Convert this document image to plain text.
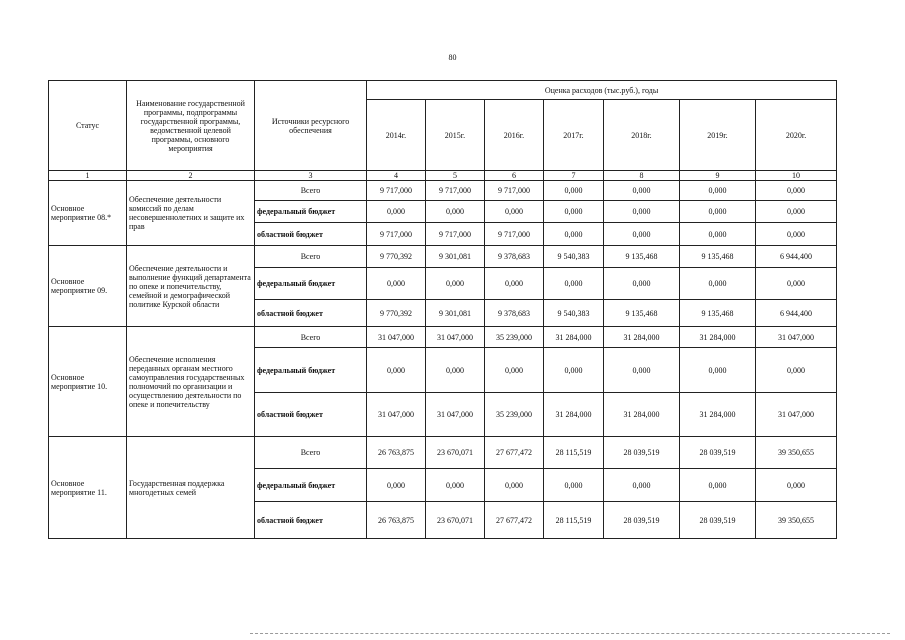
80
Статус	Наименование государственной программы, подпрограммы государственной программы, ведомственной целевой программы, основного мероприятия	Источники ресурсного обеспечения	Оценка расходов (тыс.руб.), годы						
			2014г.	2015г.	2016г.	2017г.	2018г.	2019г.	2020г.
1	2	3	4	5	6	7	8	9	10
Основное мероприятие 08.*	Обеспечение деятельности комиссий по делам несовершеннолетних и защите их прав	Всего	9 717,000	9 717,000	9 717,000	0,000	0,000	0,000	0,000
		федеральный бюджет	0,000	0,000	0,000	0,000	0,000	0,000	0,000
		областной бюджет	9 717,000	9 717,000	9 717,000	0,000	0,000	0,000	0,000
Основное мероприятие 09.	Обеспечение деятельности и выполнение функций департамента по опеке и попечительству, семейной и демографической политике Курской области	Всего	9 770,392	9 301,081	9 378,683	9 540,383	9 135,468	9 135,468	6 944,400
		федеральный бюджет	0,000	0,000	0,000	0,000	0,000	0,000	0,000
		областной бюджет	9 770,392	9 301,081	9 378,683	9 540,383	9 135,468	9 135,468	6 944,400
Основное мероприятие 10.	Обеспечение исполнения переданных органам местного самоуправления государственных полномочий по организации и осуществлению деятельности по опеке и попечительству	Всего	31 047,000	31 047,000	35 239,000	31 284,000	31 284,000	31 284,000	31 047,000
		федеральный бюджет	0,000	0,000	0,000	0,000	0,000	0,000	0,000
		областной бюджет	31 047,000	31 047,000	35 239,000	31 284,000	31 284,000	31 284,000	31 047,000
Основное мероприятие 11.	Государственная поддержка многодетных семей	Всего	26 763,875	23 670,071	27 677,472	28 115,519	28 039,519	28 039,519	39 350,655
		федеральный бюджет	0,000	0,000	0,000	0,000	0,000	0,000	0,000
		областной бюджет	26 763,875	23 670,071	27 677,472	28 115,519	28 039,519	28 039,519	39 350,655
